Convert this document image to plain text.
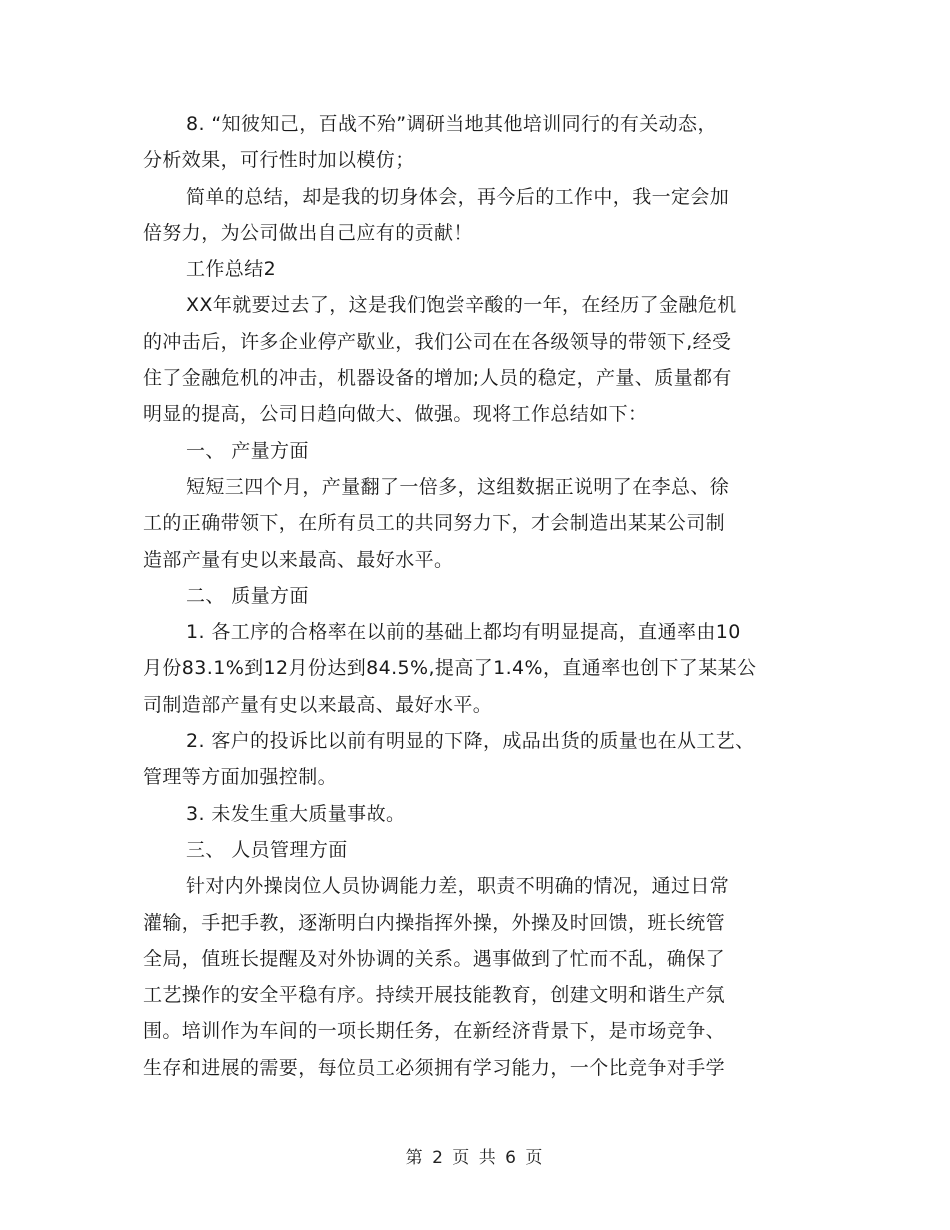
8. “知彼知己，百战不殆”调研当地其他培训同行的有关动态，
分析效果，可行性时加以模仿；
简单的总结，却是我的切身体会，再今后的工作中，我一定会加
倍努力，为公司做出自己应有的贡献！
工作总结2
XX年就要过去了，这是我们饱尝辛酸的一年，在经历了金融危机
的冲击后，许多企业停产歇业，我们公司在在各级领导的带领下,经受
住了金融危机的冲击，机器设备的增加;人员的稳定，产量、质量都有
明显的提高，公司日趋向做大、做强。现将工作总结如下：
一、 产量方面
短短三四个月，产量翻了一倍多，这组数据正说明了在李总、徐
工的正确带领下，在所有员工的共同努力下，才会制造出某某公司制
造部产量有史以来最高、最好水平。
二、 质量方面
1. 各工序的合格率在以前的基础上都均有明显提高，直通率由10
月份83.1%到12月份达到84.5%,提高了1.4%，直通率也创下了某某公
司制造部产量有史以来最高、最好水平。
2. 客户的投诉比以前有明显的下降，成品出货的质量也在从工艺、
管理等方面加强控制。
3. 未发生重大质量事故。
三、 人员管理方面
针对内外操岗位人员协调能力差，职责不明确的情况，通过日常
灌输，手把手教，逐渐明白内操指挥外操，外操及时回馈，班长统管
全局，值班长提醒及对外协调的关系。遇事做到了忙而不乱，确保了
工艺操作的安全平稳有序。持续开展技能教育，创建文明和谐生产氛
围。培训作为车间的一项长期任务，在新经济背景下，是市场竞争、
生存和进展的需要，每位员工必须拥有学习能力，一个比竞争对手学
第 2 页 共 6 页
